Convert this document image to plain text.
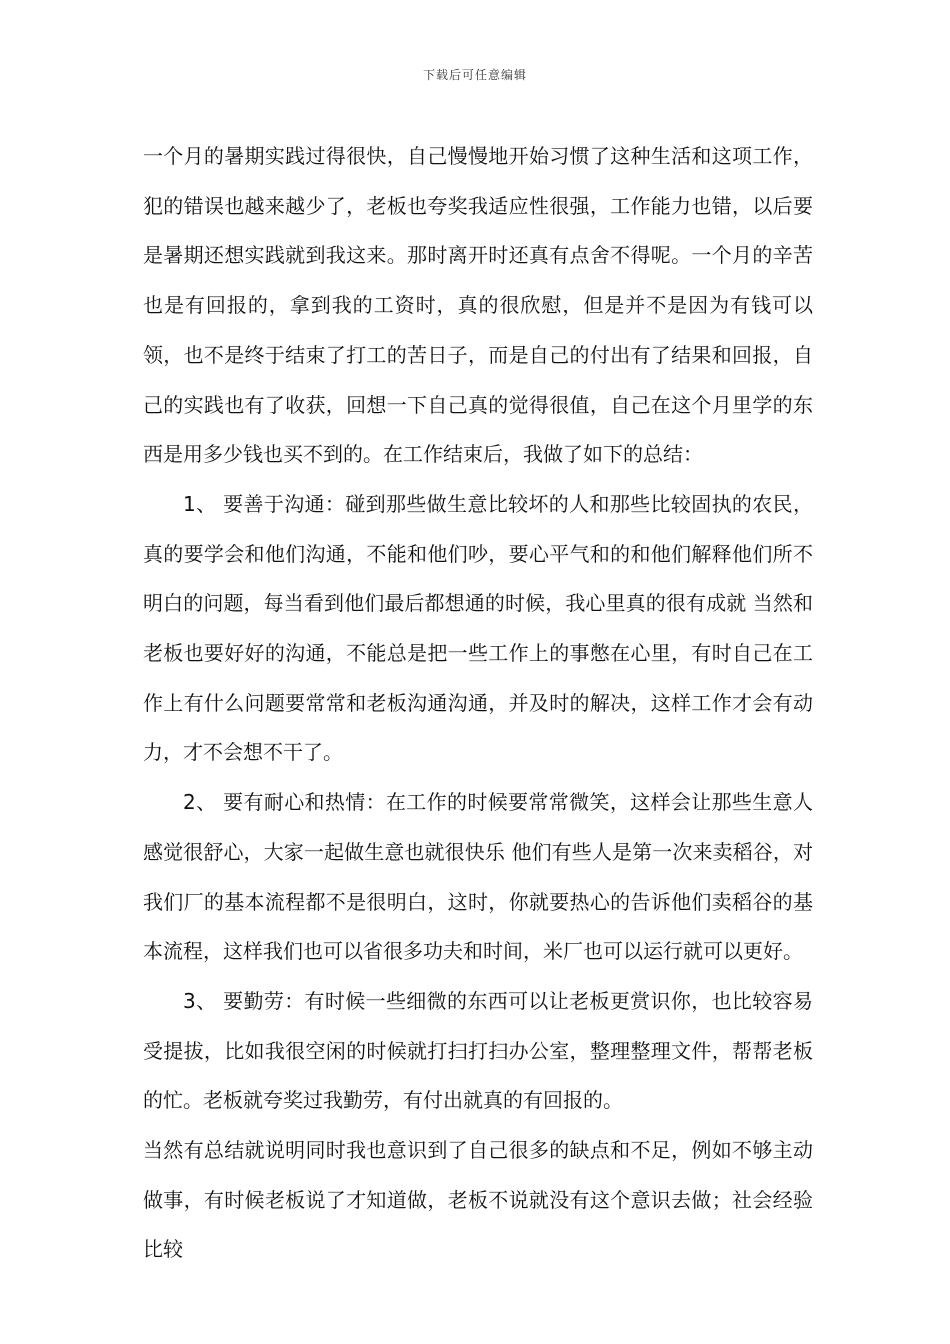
下载后可任意编辑

一个月的暑期实践过得很快，自己慢慢地开始习惯了这种生活和这项工作，犯的错误也越来越少了，老板也夸奖我适应性很强，工作能力也错，以后要是暑期还想实践就到我这来。那时离开时还真有点舍不得呢。一个月的辛苦也是有回报的，拿到我的工资时，真的很欣慰，但是并不是因为有钱可以领，也不是终于结束了打工的苦日子，而是自己的付出有了结果和回报，自己的实践也有了收获，回想一下自己真的觉得很值，自己在这个月里学的东西是用多少钱也买不到的。在工作结束后，我做了如下的总结：

1、 要善于沟通：碰到那些做生意比较坏的人和那些比较固执的农民，真的要学会和他们沟通，不能和他们吵，要心平气和的和他们解释他们所不明白的问题，每当看到他们最后都想通的时候，我心里真的很有成就 当然和老板也要好好的沟通，不能总是把一些工作上的事憋在心里，有时自己在工作上有什么问题要常常和老板沟通沟通，并及时的解决，这样工作才会有动力，才不会想不干了。

2、 要有耐心和热情：在工作的时候要常常微笑，这样会让那些生意人感觉很舒心，大家一起做生意也就很快乐 他们有些人是第一次来卖稻谷，对我们厂的基本流程都不是很明白，这时，你就要热心的告诉他们卖稻谷的基本流程，这样我们也可以省很多功夫和时间，米厂也可以运行就可以更好。

3、 要勤劳：有时候一些细微的东西可以让老板更赏识你，也比较容易受提拔，比如我很空闲的时候就打扫打扫办公室，整理整理文件，帮帮老板的忙。老板就夸奖过我勤劳，有付出就真的有回报的。

当然有总结就说明同时我也意识到了自己很多的缺点和不足，例如不够主动做事，有时候老板说了才知道做，老板不说就没有这个意识去做；社会经验比较
